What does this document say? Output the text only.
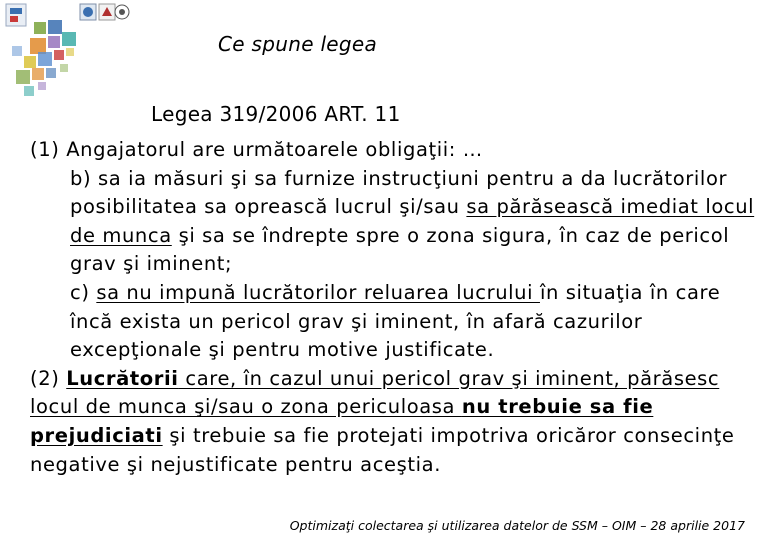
Ce spune legea
Legea 319/2006 ART. 11

(1) Angajatorul are următoarele obligaţii: …

b) sa ia măsuri şi sa furnize instrucţiuni pentru a da lucrătorilor posibilitatea sa oprească lucrul şi/sau sa părăsească imediat locul de munca şi sa se îndrepte spre o zona sigura, în caz de pericol grav şi iminent;

c) sa nu impună lucrătorilor reluarea lucrului în situaţia în care încă exista un pericol grav şi iminent, în afară cazurilor excepţionale şi pentru motive justificate.

(2) Lucrătorii care, în cazul unui pericol grav şi iminent, părăsesc locul de munca şi/sau o zona periculoasa nu trebuie sa fie prejudiciati şi trebuie sa fie protejati impotriva oricăror consecinţe negative şi nejustificate pentru aceştia.

Optimizaţi colectarea şi utilizarea datelor de SSM – OIM – 28 aprilie 2017
